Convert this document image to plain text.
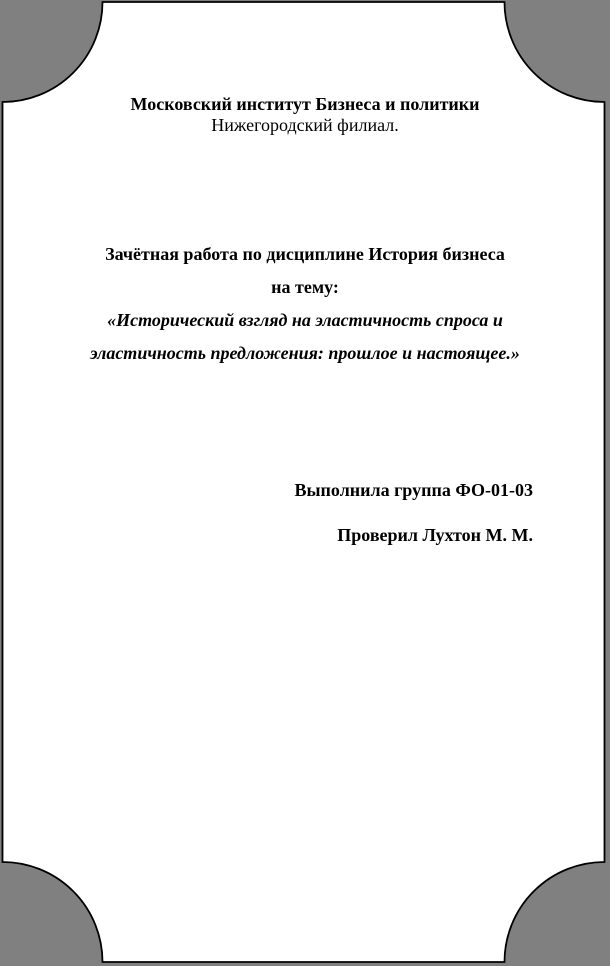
Московский институт Бизнеса и политики
Нижегородский филиал.
Зачётная работа по дисциплине История бизнеса
на тему:
«Исторический взгляд на эластичность спроса и
эластичность предложения: прошлое и настоящее.»
Выполнила группа ФО-01-03
Проверил Лухтон М. М.
